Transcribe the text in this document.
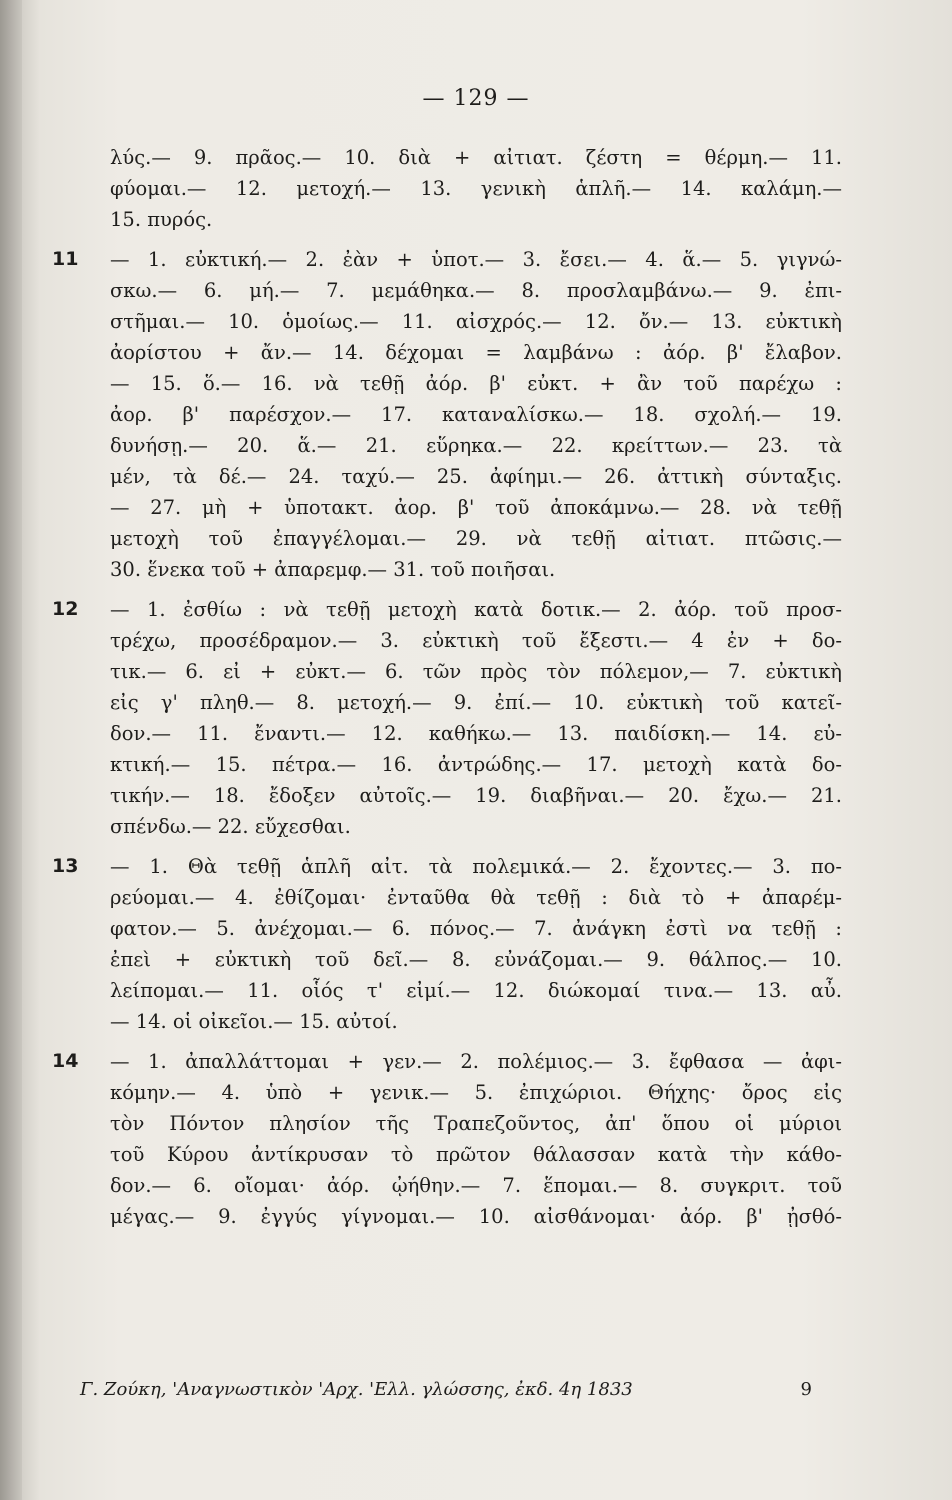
— 129 —
λύς.— 9. πρᾶος.— 10. διὰ + αἰτιατ. ζέστη = θέρμη.— 11.
φύομαι.— 12. μετοχή.— 13. γενικὴ ἁπλῆ.— 14. καλάμη.—
15. πυρός.
11 — 1. εὐκτική.— 2. ἐὰν + ὑποτ.— 3. ἔσει.— 4. ἅ.— 5. γιγνώ-
σκω.— 6. μή.— 7. μεμάθηκα.— 8. προσλαμβάνω.— 9. ἐπι-
στῆμαι.— 10. ὁμοίως.— 11. αἰσχρός.— 12. ὄν.— 13. εὐκτικὴ
ἀορίστου + ἄν.— 14. δέχομαι = λαμβάνω : ἀόρ. β' ἔλαβον.
— 15. ὅ.— 16. νὰ τεθῇ ἀόρ. β' εὐκτ. + ἂν τοῦ παρέχω :
ἀορ. β' παρέσχον.— 17. καταναλίσκω.— 18. σχολή.— 19.
δυνήσῃ.— 20. ἅ.— 21. εὕρηκα.— 22. κρείττων.— 23. τὰ
μέν, τὰ δέ.— 24. ταχύ.— 25. ἀφίημι.— 26. ἀττικὴ σύνταξις.
— 27. μὴ + ὑποτακτ. ἀορ. β' τοῦ ἀποκάμνω.— 28. νὰ τεθῇ
μετοχὴ τοῦ ἐπαγγέλομαι.— 29. νὰ τεθῇ αἰτιατ. πτῶσις.—
30. ἕνεκα τοῦ + ἀπαρεμφ.— 31. τοῦ ποιῆσαι.
12 — 1. ἐσθίω : νὰ τεθῇ μετοχὴ κατὰ δοτικ.— 2. ἀόρ. τοῦ προσ-
τρέχω, προσέδραμον.— 3. εὐκτικὴ τοῦ ἔξεστι.— 4 ἐν + δο-
τικ.— 6. εἰ + εὐκτ.— 6. τῶν πρὸς τὸν πόλεμον,— 7. εὐκτικὴ
εἰς γ' πληθ.— 8. μετοχή.— 9. ἐπί.— 10. εὐκτικὴ τοῦ κατεῖ-
δον.— 11. ἔναντι.— 12. καθήκω.— 13. παιδίσκη.— 14. εὐ-
κτική.— 15. πέτρα.— 16. ἀντρώδης.— 17. μετοχὴ κατὰ δο-
τικήν.— 18. ἔδοξεν αὐτοῖς.— 19. διαβῆναι.— 20. ἔχω.— 21.
σπένδω.— 22. εὔχεσθαι.
13 — 1. Θὰ τεθῇ ἁπλῆ αἰτ. τὰ πολεμικά.— 2. ἔχοντες.— 3. πο-
ρεύομαι.— 4. ἐθίζομαι· ἐνταῦθα θὰ τεθῇ : διὰ τὸ + ἀπαρέμ-
φατον.— 5. ἀνέχομαι.— 6. πόνος.— 7. ἀνάγκη ἐστὶ να τεθῇ :
ἐπεὶ + εὐκτικὴ τοῦ δεῖ.— 8. εὐνάζομαι.— 9. θάλπος.— 10.
λείπομαι.— 11. οἷός τ' εἰμί.— 12. διώκομαί τινα.— 13. αὖ.
— 14. οἱ οἰκεῖοι.— 15. αὐτοί.
14 — 1. ἀπαλλάττομαι + γεν.— 2. πολέμιος.— 3. ἔφθασα — ἀφι-
κόμην.— 4. ὑπὸ + γενικ.— 5. ἐπιχώριοι. Θήχης· ὄρος εἰς
τὸν Πόντον πλησίον τῆς Τραπεζοῦντος, ἀπ' ὅπου οἱ μύριοι
τοῦ Κύρου ἀντίκρυσαν τὸ πρῶτον θάλασσαν κατὰ τὴν κάθο-
δον.— 6. οἴομαι· ἀόρ. ᾠήθην.— 7. ἕπομαι.— 8. συγκριτ. τοῦ
μέγας.— 9. ἐγγύς γίγνομαι.— 10. αἰσθάνομαι· ἀόρ. β' ᾐσθό-
Γ. Ζούκη, 'Αναγνωστικὸν 'Αρχ. 'Ελλ. γλώσσης, ἐκδ. 4η 1833	9
